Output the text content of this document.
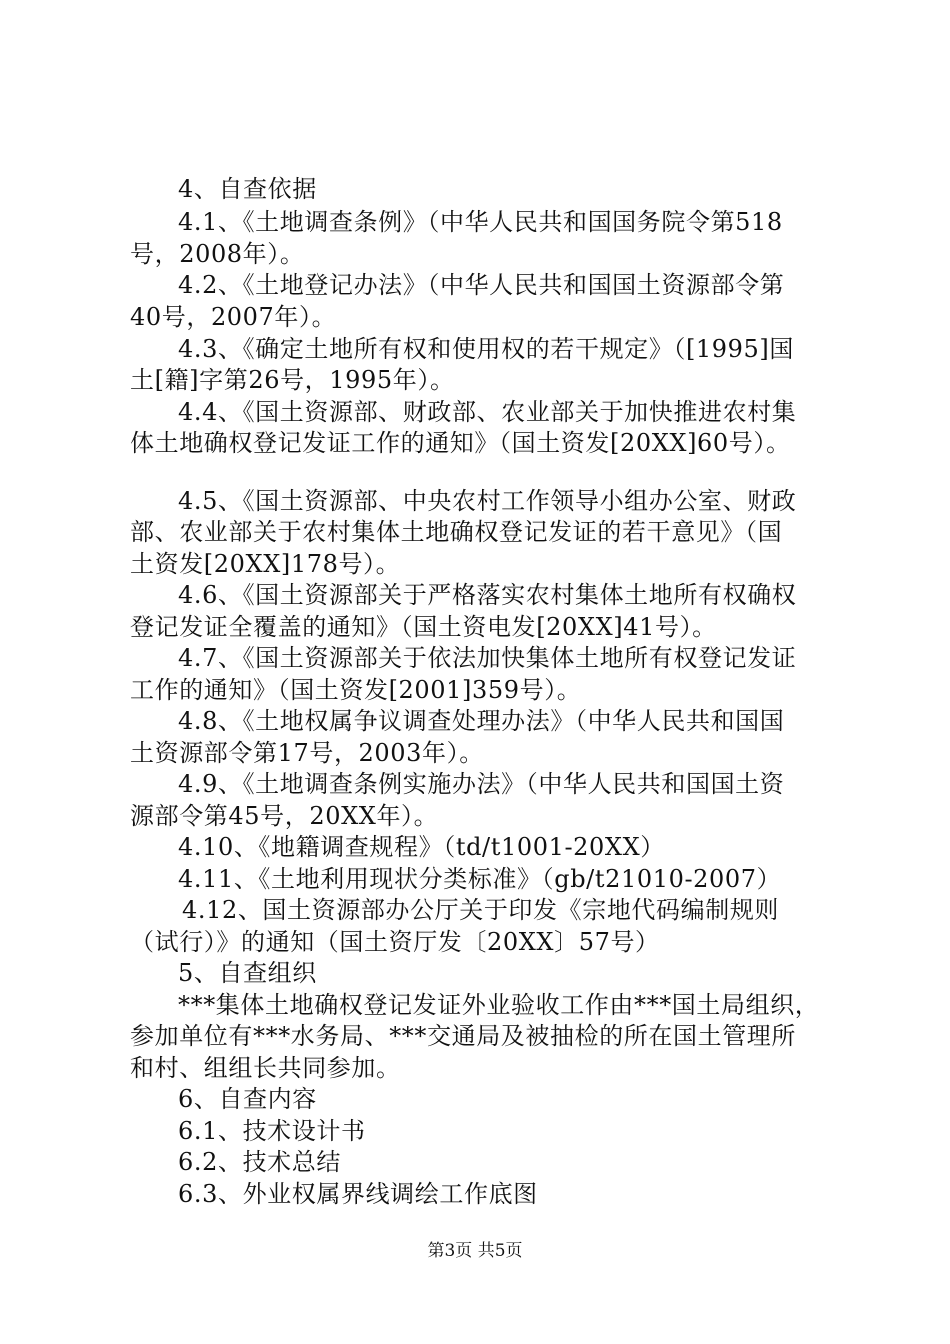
4、自查依据
4.1、《土地调查条例》（中华人民共和国国务院令第518
号，2008年）。
4.2、《土地登记办法》（中华人民共和国国土资源部令第
40号，2007年）。
4.3、《确定土地所有权和使用权的若干规定》（[1995]国
土[籍]字第26号，1995年）。
4.4、《国土资源部、财政部、农业部关于加快推进农村集
体土地确权登记发证工作的通知》（国土资发[20XX]60号）。
4.5、《国土资源部、中央农村工作领导小组办公室、财政
部、农业部关于农村集体土地确权登记发证的若干意见》（国
土资发[20XX]178号）。
4.6、《国土资源部关于严格落实农村集体土地所有权确权
登记发证全覆盖的通知》（国土资电发[20XX]41号）。
4.7、《国土资源部关于依法加快集体土地所有权登记发证
工作的通知》（国土资发[2001]359号）。
4.8、《土地权属争议调查处理办法》（中华人民共和国国
土资源部令第17号，2003年）。
4.9、《土地调查条例实施办法》（中华人民共和国国土资
源部令第45号，20XX年）。
4.10、《地籍调查规程》（td/t1001-20XX）
4.11、《土地利用现状分类标准》（gb/t21010-2007）
4.12、国土资源部办公厅关于印发《宗地代码编制规则
（试行）》的通知（国土资厅发〔20XX〕57号）
5、自查组织
***集体土地确权登记发证外业验收工作由***国土局组织，
参加单位有***水务局、***交通局及被抽检的所在国土管理所
和村、组组长共同参加。
6、自查内容
6.1、技术设计书
6.2、技术总结
6.3、外业权属界线调绘工作底图
第3页 共5页
